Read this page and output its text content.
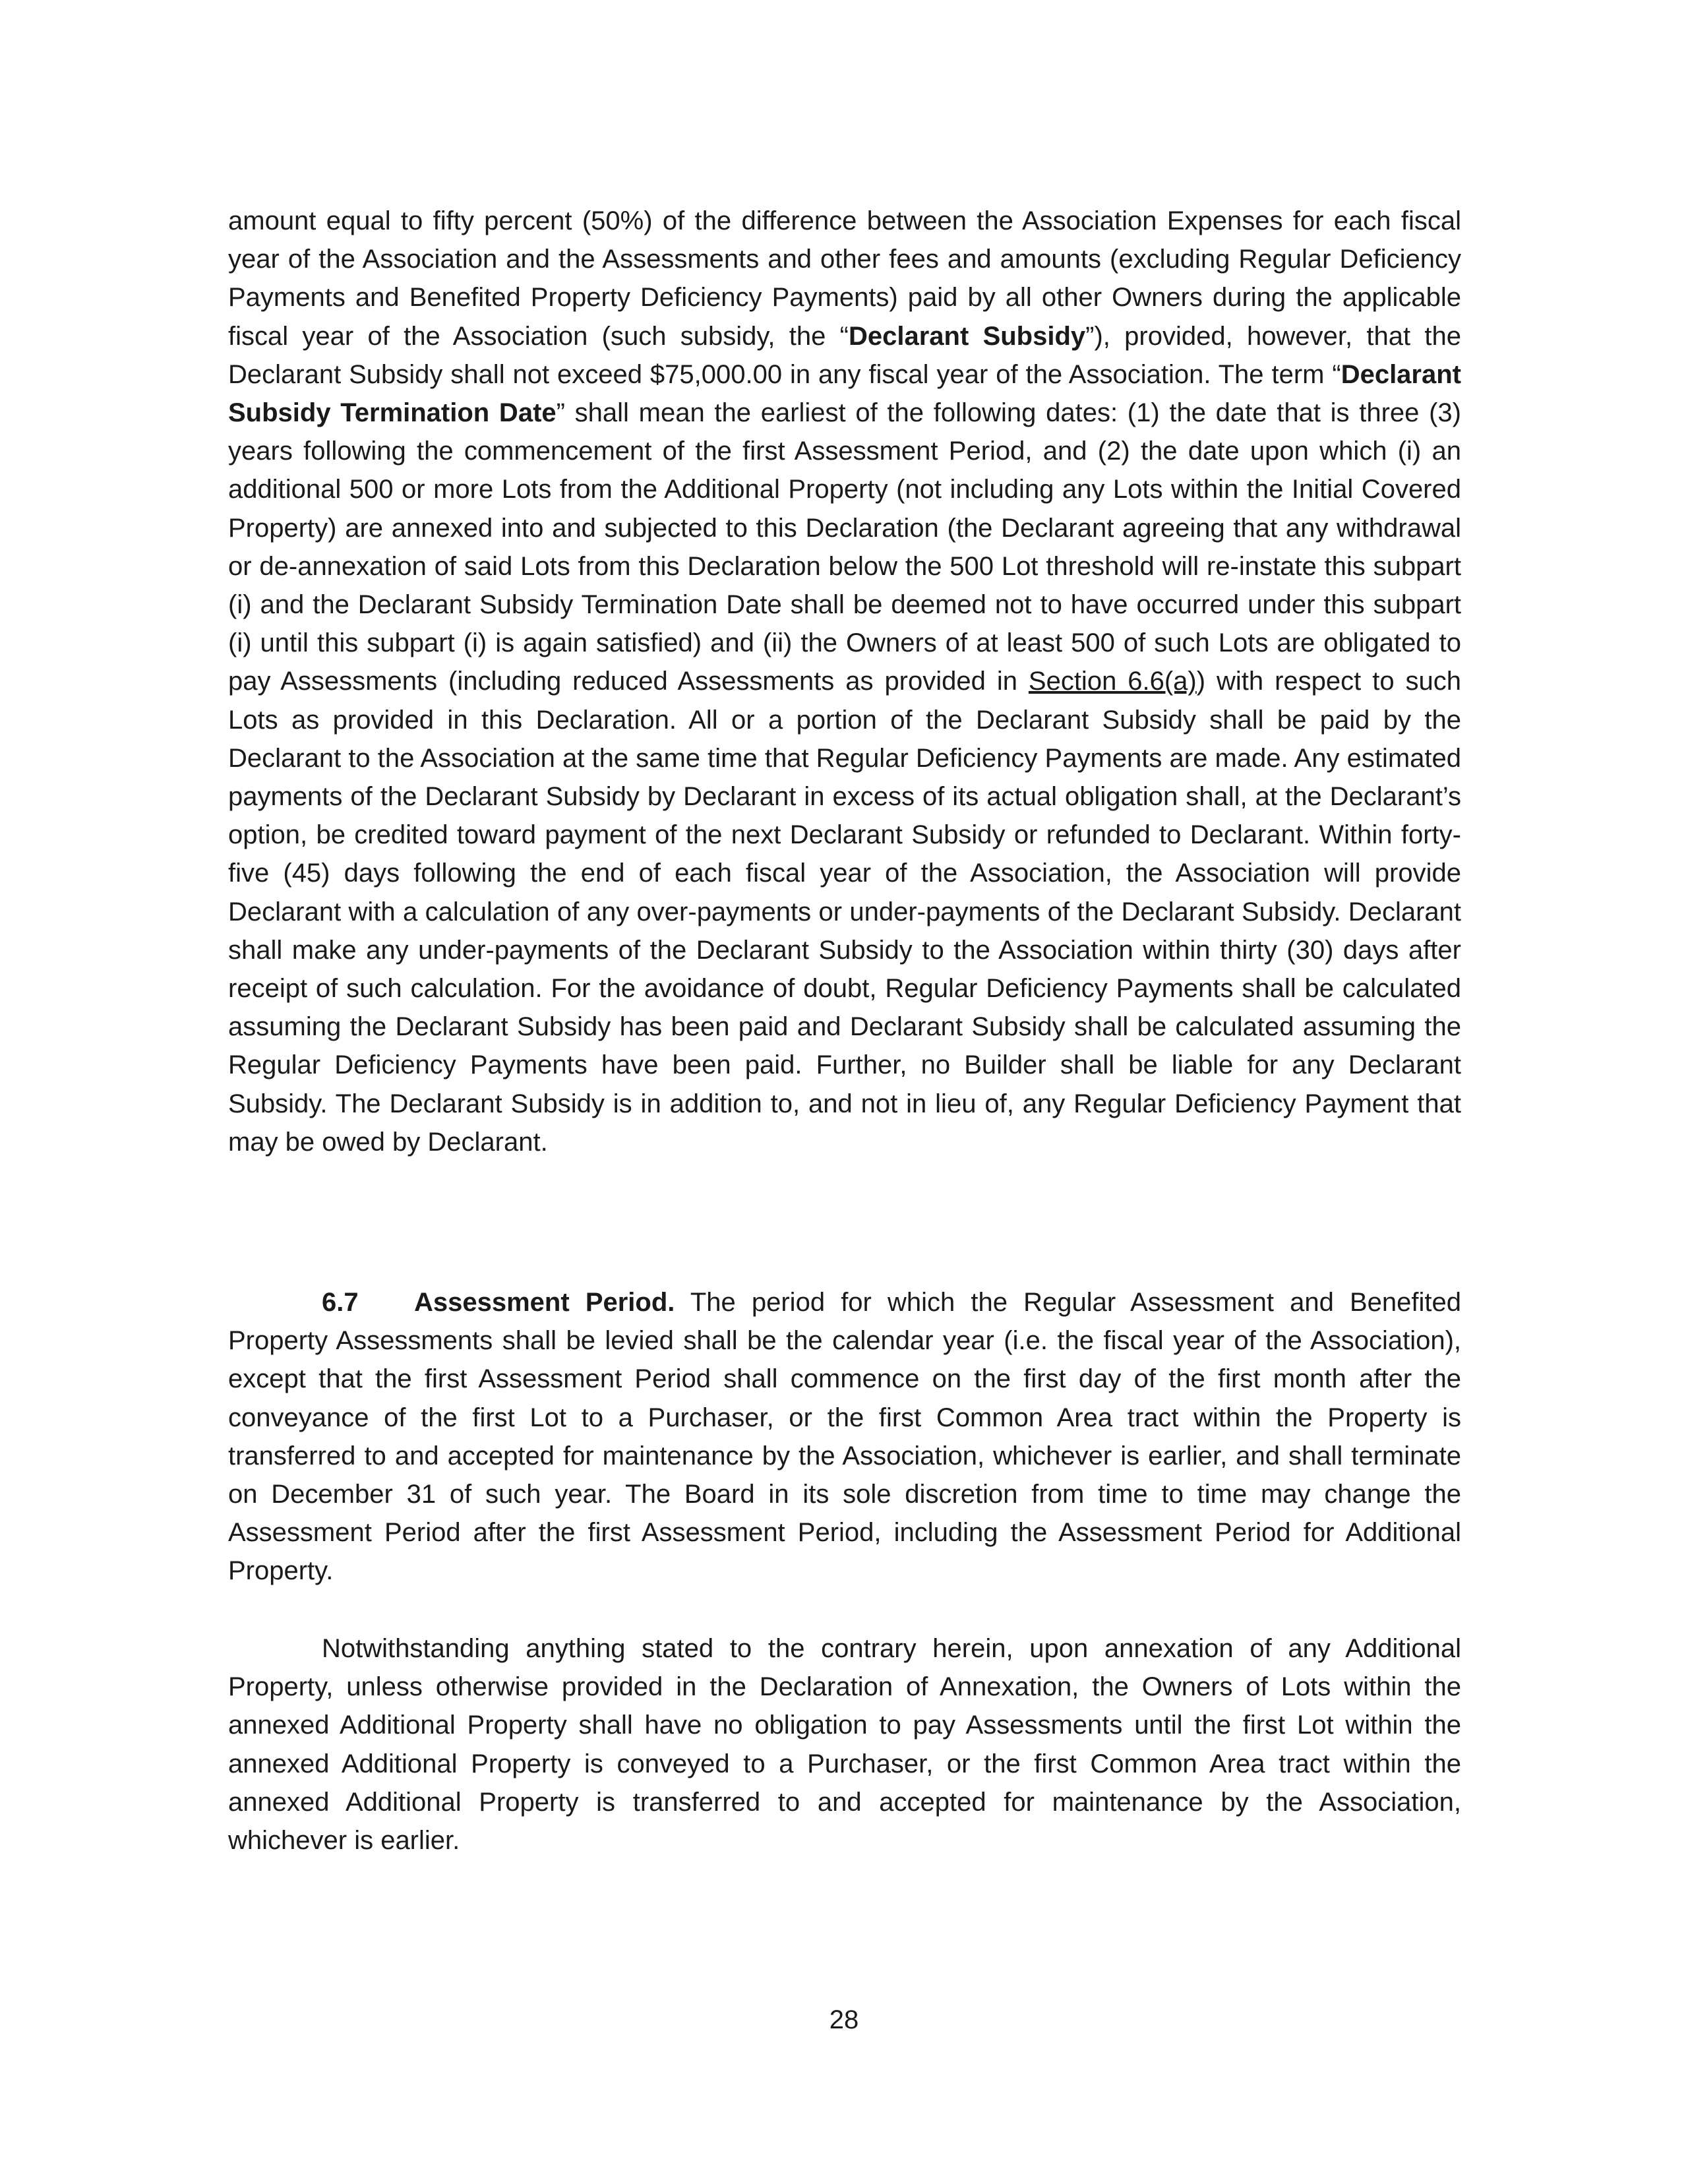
amount equal to fifty percent (50%) of the difference between the Association Expenses for each fiscal year of the Association and the Assessments and other fees and amounts (excluding Regular Deficiency Payments and Benefited Property Deficiency Payments) paid by all other Owners during the applicable fiscal year of the Association (such subsidy, the “Declarant Subsidy”), provided, however, that the Declarant Subsidy shall not exceed $75,000.00 in any fiscal year of the Association. The term “Declarant Subsidy Termination Date” shall mean the earliest of the following dates: (1) the date that is three (3) years following the commencement of the first Assessment Period, and (2) the date upon which (i) an additional 500 or more Lots from the Additional Property (not including any Lots within the Initial Covered Property) are annexed into and subjected to this Declaration (the Declarant agreeing that any withdrawal or de-annexation of said Lots from this Declaration below the 500 Lot threshold will re-instate this subpart (i) and the Declarant Subsidy Termination Date shall be deemed not to have occurred under this subpart (i) until this subpart (i) is again satisfied) and (ii) the Owners of at least 500 of such Lots are obligated to pay Assessments (including reduced Assessments as provided in Section 6.6(a)) with respect to such Lots as provided in this Declaration. All or a portion of the Declarant Subsidy shall be paid by the Declarant to the Association at the same time that Regular Deficiency Payments are made. Any estimated payments of the Declarant Subsidy by Declarant in excess of its actual obligation shall, at the Declarant’s option, be credited toward payment of the next Declarant Subsidy or refunded to Declarant. Within forty-five (45) days following the end of each fiscal year of the Association, the Association will provide Declarant with a calculation of any over-payments or under-payments of the Declarant Subsidy. Declarant shall make any under-payments of the Declarant Subsidy to the Association within thirty (30) days after receipt of such calculation. For the avoidance of doubt, Regular Deficiency Payments shall be calculated assuming the Declarant Subsidy has been paid and Declarant Subsidy shall be calculated assuming the Regular Deficiency Payments have been paid. Further, no Builder shall be liable for any Declarant Subsidy. The Declarant Subsidy is in addition to, and not in lieu of, any Regular Deficiency Payment that may be owed by Declarant.

6.7 Assessment Period. The period for which the Regular Assessment and Benefited Property Assessments shall be levied shall be the calendar year (i.e. the fiscal year of the Association), except that the first Assessment Period shall commence on the first day of the first month after the conveyance of the first Lot to a Purchaser, or the first Common Area tract within the Property is transferred to and accepted for maintenance by the Association, whichever is earlier, and shall terminate on December 31 of such year. The Board in its sole discretion from time to time may change the Assessment Period after the first Assessment Period, including the Assessment Period for Additional Property.

Notwithstanding anything stated to the contrary herein, upon annexation of any Additional Property, unless otherwise provided in the Declaration of Annexation, the Owners of Lots within the annexed Additional Property shall have no obligation to pay Assessments until the first Lot within the annexed Additional Property is conveyed to a Purchaser, or the first Common Area tract within the annexed Additional Property is transferred to and accepted for maintenance by the Association, whichever is earlier.

28
